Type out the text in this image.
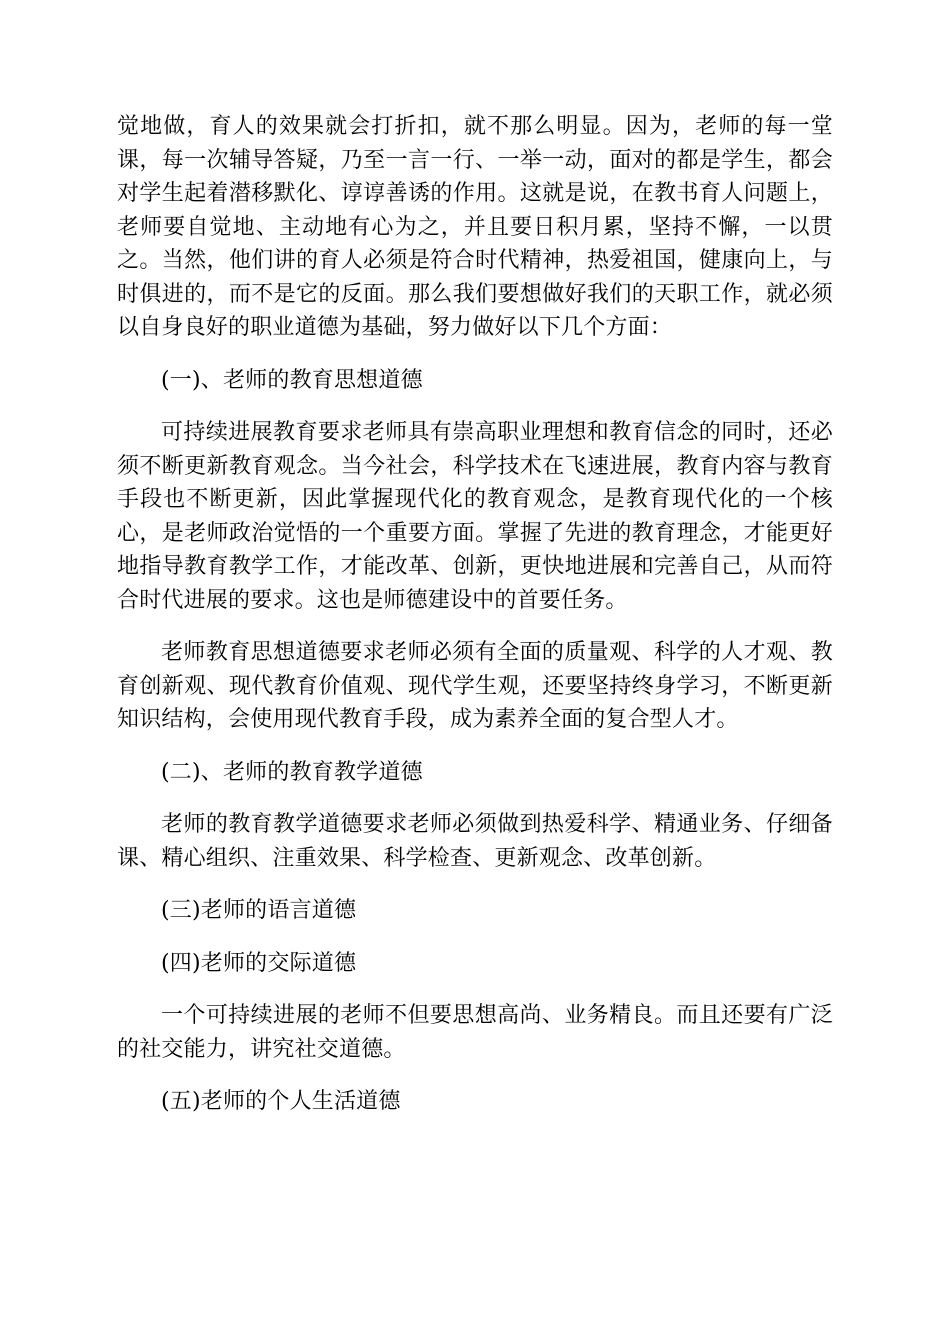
觉地做，育人的效果就会打折扣，就不那么明显。因为，老师的每一堂课，每一次辅导答疑，乃至一言一行、一举一动，面对的都是学生，都会对学生起着潜移默化、谆谆善诱的作用。这就是说，在教书育人问题上，老师要自觉地、主动地有心为之，并且要日积月累，坚持不懈，一以贯之。当然，他们讲的育人必须是符合时代精神，热爱祖国，健康向上，与时俱进的，而不是它的反面。那么我们要想做好我们的天职工作，就必须以自身良好的职业道德为基础，努力做好以下几个方面：

(一)、老师的教育思想道德

可持续进展教育要求老师具有崇高职业理想和教育信念的同时，还必须不断更新教育观念。当今社会，科学技术在飞速进展，教育内容与教育手段也不断更新，因此掌握现代化的教育观念，是教育现代化的一个核心，是老师政治觉悟的一个重要方面。掌握了先进的教育理念，才能更好地指导教育教学工作，才能改革、创新，更快地进展和完善自己，从而符合时代进展的要求。这也是师德建设中的首要任务。

老师教育思想道德要求老师必须有全面的质量观、科学的人才观、教育创新观、现代教育价值观、现代学生观，还要坚持终身学习，不断更新知识结构，会使用现代教育手段，成为素养全面的复合型人才。

(二)、老师的教育教学道德

老师的教育教学道德要求老师必须做到热爱科学、精通业务、仔细备课、精心组织、注重效果、科学检查、更新观念、改革创新。

(三)老师的语言道德

(四)老师的交际道德

一个可持续进展的老师不但要思想高尚、业务精良。而且还要有广泛的社交能力，讲究社交道德。

(五)老师的个人生活道德
